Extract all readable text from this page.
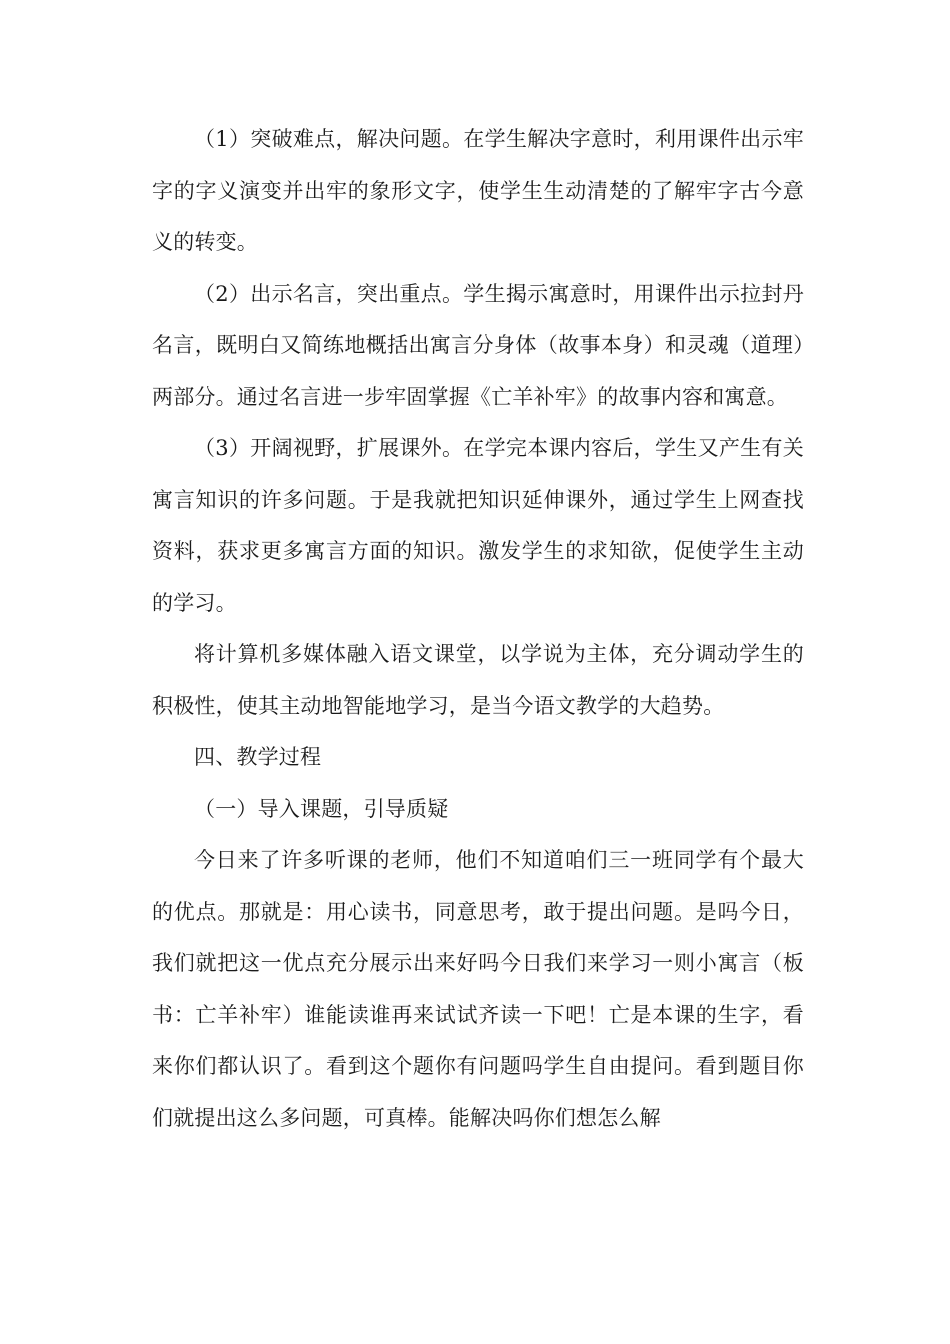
（1）突破难点，解决问题。在学生解决字意时，利用课件出示牢字的字义演变并出牢的象形文字，使学生生动清楚的了解牢字古今意义的转变。

（2）出示名言，突出重点。学生揭示寓意时，用课件出示拉封丹名言，既明白又简练地概括出寓言分身体（故事本身）和灵魂（道理）两部分。通过名言进一步牢固掌握《亡羊补牢》的故事内容和寓意。

（3）开阔视野，扩展课外。在学完本课内容后，学生又产生有关寓言知识的许多问题。于是我就把知识延伸课外，通过学生上网查找资料，获求更多寓言方面的知识。激发学生的求知欲，促使学生主动的学习。

将计算机多媒体融入语文课堂，以学说为主体，充分调动学生的积极性，使其主动地智能地学习，是当今语文教学的大趋势。

四、教学过程

（一）导入课题，引导质疑

今日来了许多听课的老师，他们不知道咱们三一班同学有个最大的优点。那就是：用心读书，同意思考，敢于提出问题。是吗今日，我们就把这一优点充分展示出来好吗今日我们来学习一则小寓言（板书：亡羊补牢）谁能读谁再来试试齐读一下吧！亡是本课的生字，看来你们都认识了。看到这个题你有问题吗学生自由提问。看到题目你们就提出这么多问题，可真棒。能解决吗你们想怎么解
